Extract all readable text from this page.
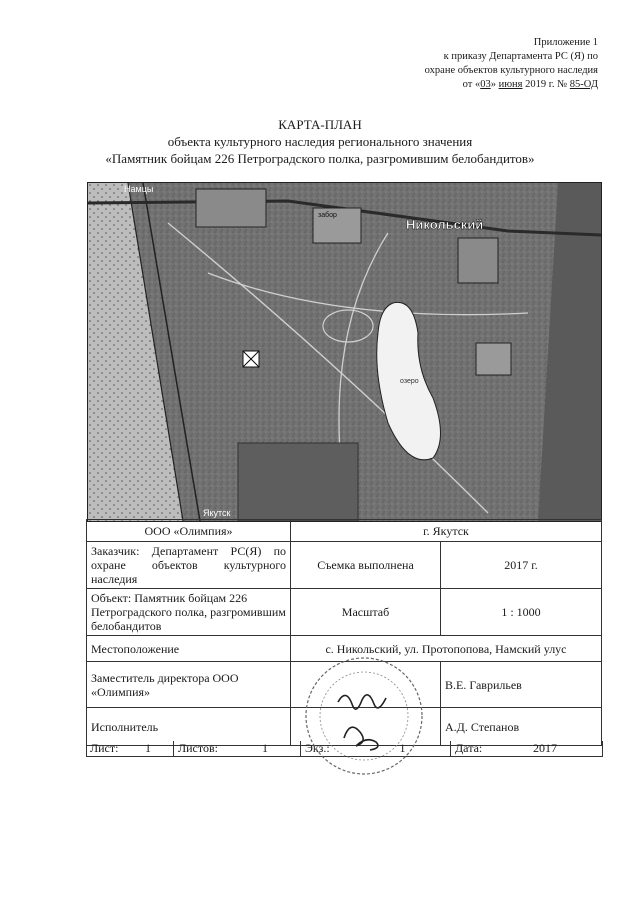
Приложение 1
к приказу Департамента РС (Я) по
охране объектов культурного наследия
от «03» июня 2019 г. № 85-ОД
КАРТА-ПЛАН
объекта культурного наследия регионального значения
«Памятник бойцам 226 Петроградского полка, разгромившим белобандитов»
озеро
Намцы
Никольский
забор
Якутск
ООО «Олимпия»	г. Якутск	
Заказчик: Департамент РС(Я) по охране объектов культурного наследия	Съемка выполнена	2017 г.
Объект: Памятник бойцам 226 Петроградского полка, разгромившим белобандитов	Масштаб	1 : 1000
Местоположение	с. Никольский, ул. Протопопова, Намский улус	
Заместитель директора ООО «Олимпия»		В.Е. Гаврильев
Исполнитель		А.Д. Степанов
Лист:	1	Листов:	1	Экз.:	1	Дата:	2017
